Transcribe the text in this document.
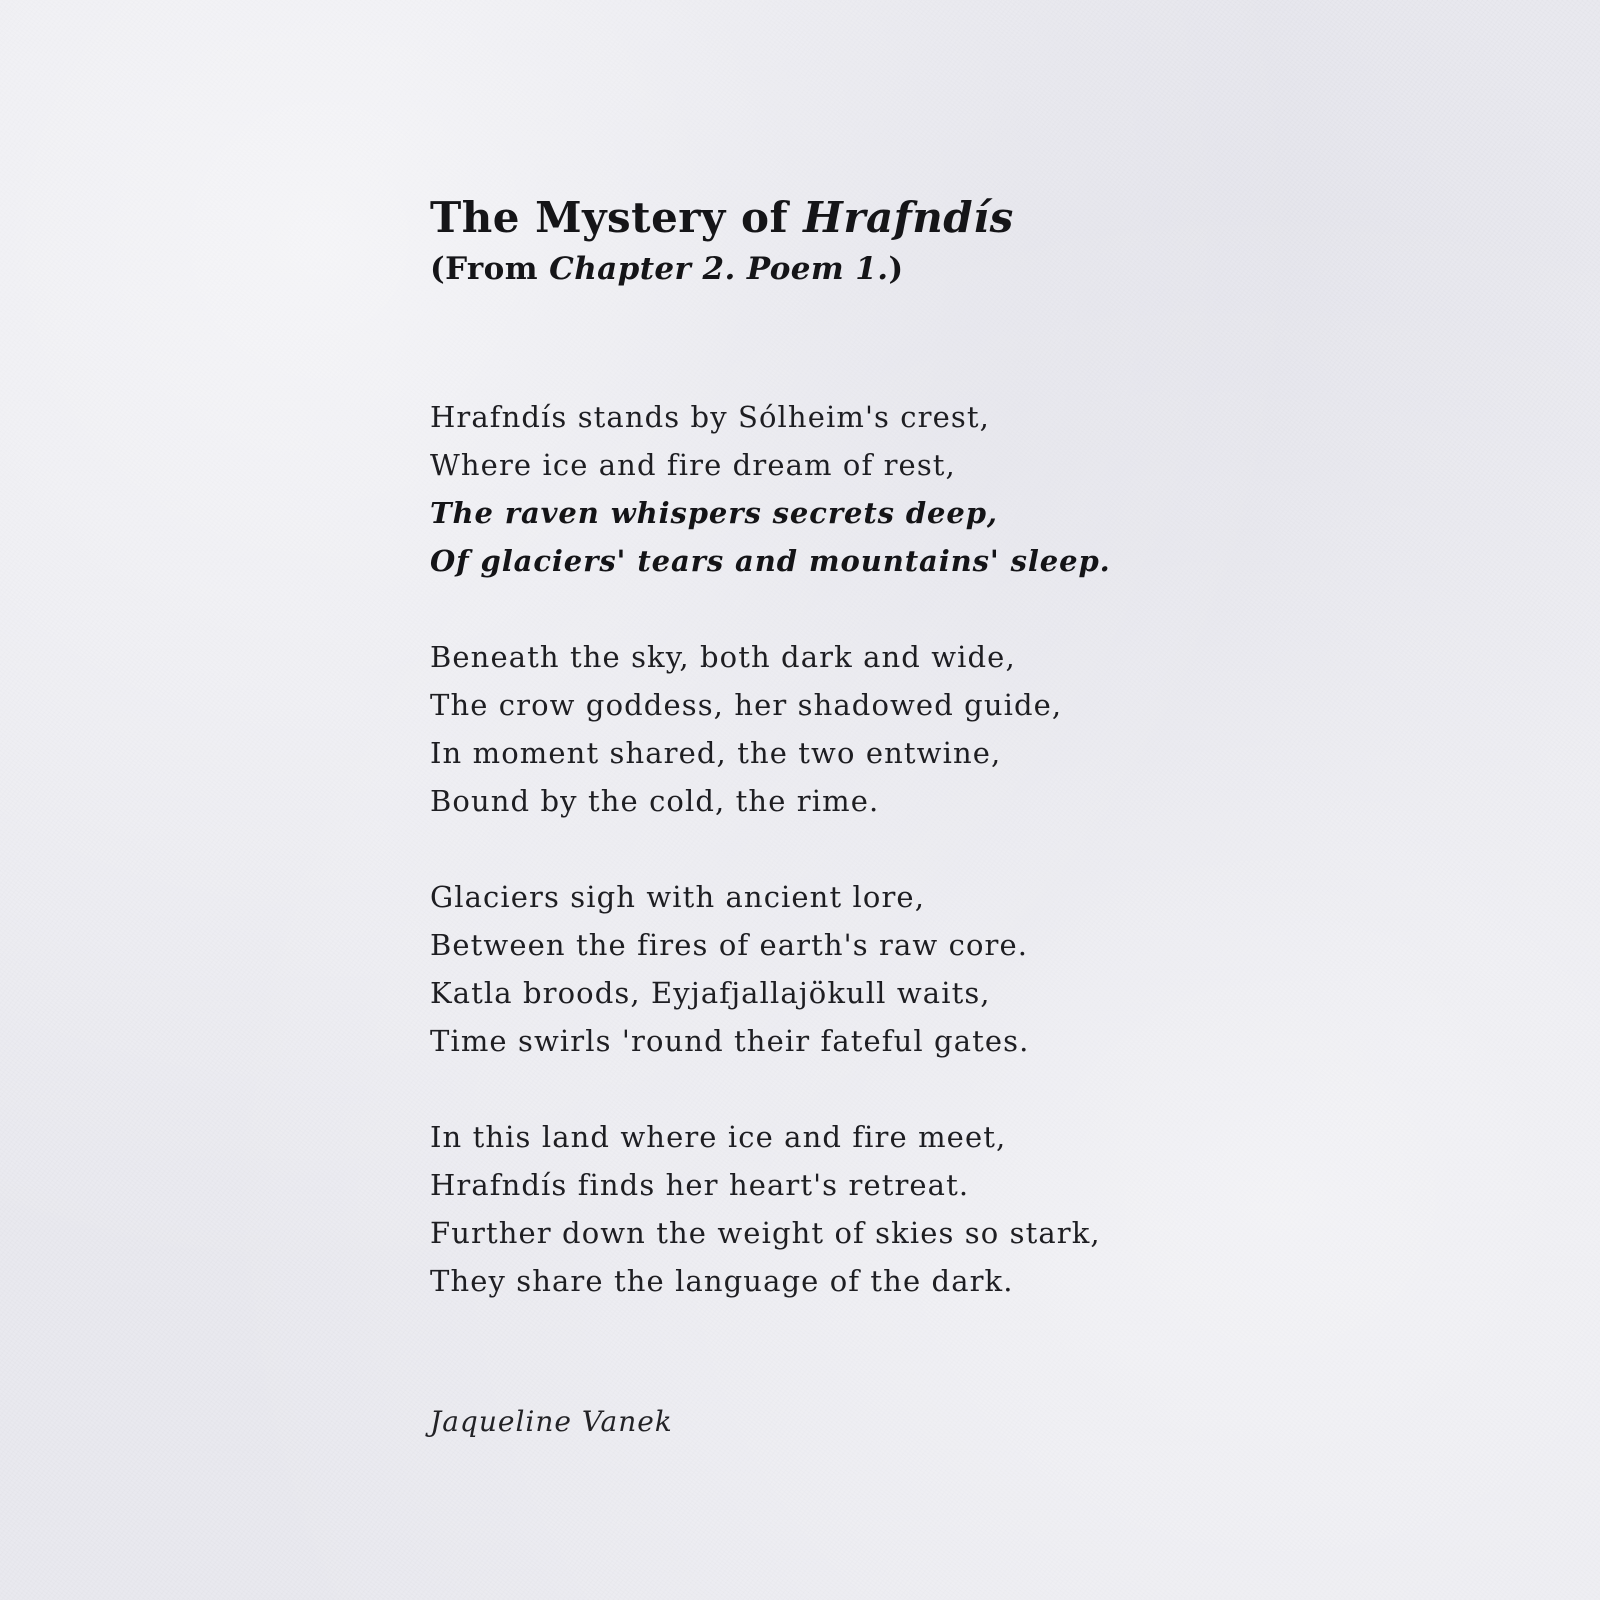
The Mystery of Hrafndís
(From Chapter 2. Poem 1.)
Hrafndís stands by Sólheim's crest,
Where ice and fire dream of rest,
The raven whispers secrets deep,
Of glaciers' tears and mountains' sleep.
Beneath the sky, both dark and wide,
The crow goddess, her shadowed guide,
In moment shared, the two entwine,
Bound by the cold, the rime.
Glaciers sigh with ancient lore,
Between the fires of earth's raw core.
Katla broods, Eyjafjallajökull waits,
Time swirls 'round their fateful gates.
In this land where ice and fire meet,
Hrafndís finds her heart's retreat.
Further down the weight of skies so stark,
They share the language of the dark.
Jaqueline Vanek
